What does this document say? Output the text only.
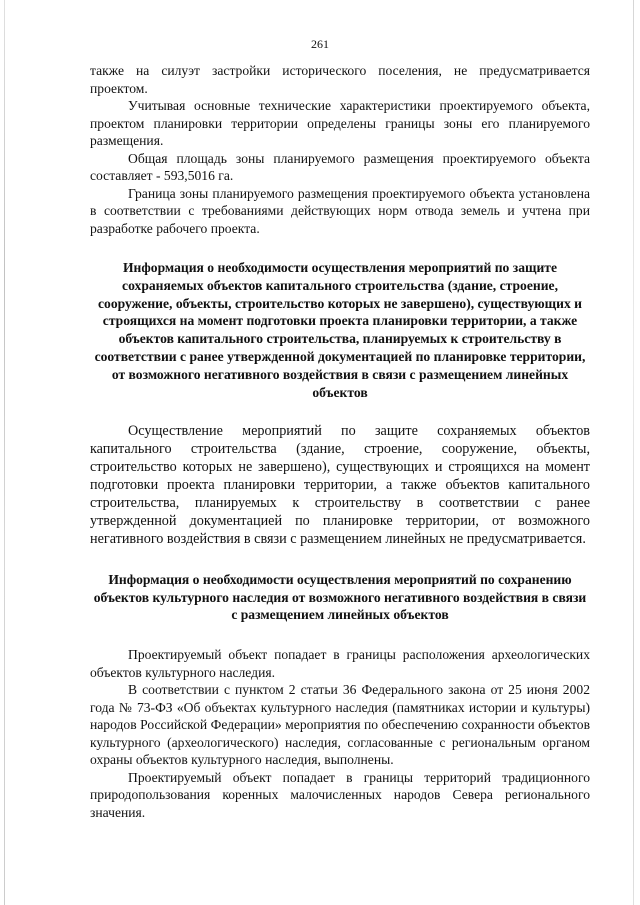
261

также на силуэт застройки исторического поселения, не предусматривается проектом.

Учитывая основные технические характеристики проектируемого объекта, проектом планировки территории определены границы зоны его планируемого размещения.

Общая площадь зоны планируемого размещения проектируемого объекта составляет - 593,5016 га.

Граница зоны планируемого размещения проектируемого объекта установлена в соответствии с требованиями действующих норм отвода земель и учтена при разработке рабочего проекта.

Информация о необходимости осуществления мероприятий по защите сохраняемых объектов капитального строительства (здание, строение, сооружение, объекты, строительство которых не завершено), существующих и строящихся на момент подготовки проекта планировки территории, а также объектов капитального строительства, планируемых к строительству в соответствии с ранее утвержденной документацией по планировке территории, от возможного негативного воздействия в связи с размещением линейных объектов

Осуществление мероприятий по защите сохраняемых объектов капитального строительства (здание, строение, сооружение, объекты, строительство которых не завершено), существующих и строящихся на момент подготовки проекта планировки территории, а также объектов капитального строительства, планируемых к строительству в соответствии с ранее утвержденной документацией по планировке территории, от возможного негативного воздействия в связи с размещением линейных не предусматривается.

Информация о необходимости осуществления мероприятий по сохранению объектов культурного наследия от возможного негативного воздействия в связи с размещением линейных объектов

Проектируемый объект попадает в границы расположения археологических объектов культурного наследия.

В соответствии с пунктом 2 статьи 36 Федерального закона от 25 июня 2002 года № 73-ФЗ «Об объектах культурного наследия (памятниках истории и культуры) народов Российской Федерации» мероприятия по обеспечению сохранности объектов культурного (археологического) наследия, согласованные с региональным органом охраны объектов культурного наследия, выполнены.

Проектируемый объект попадает в границы территорий традиционного природопользования коренных малочисленных народов Севера регионального значения.
